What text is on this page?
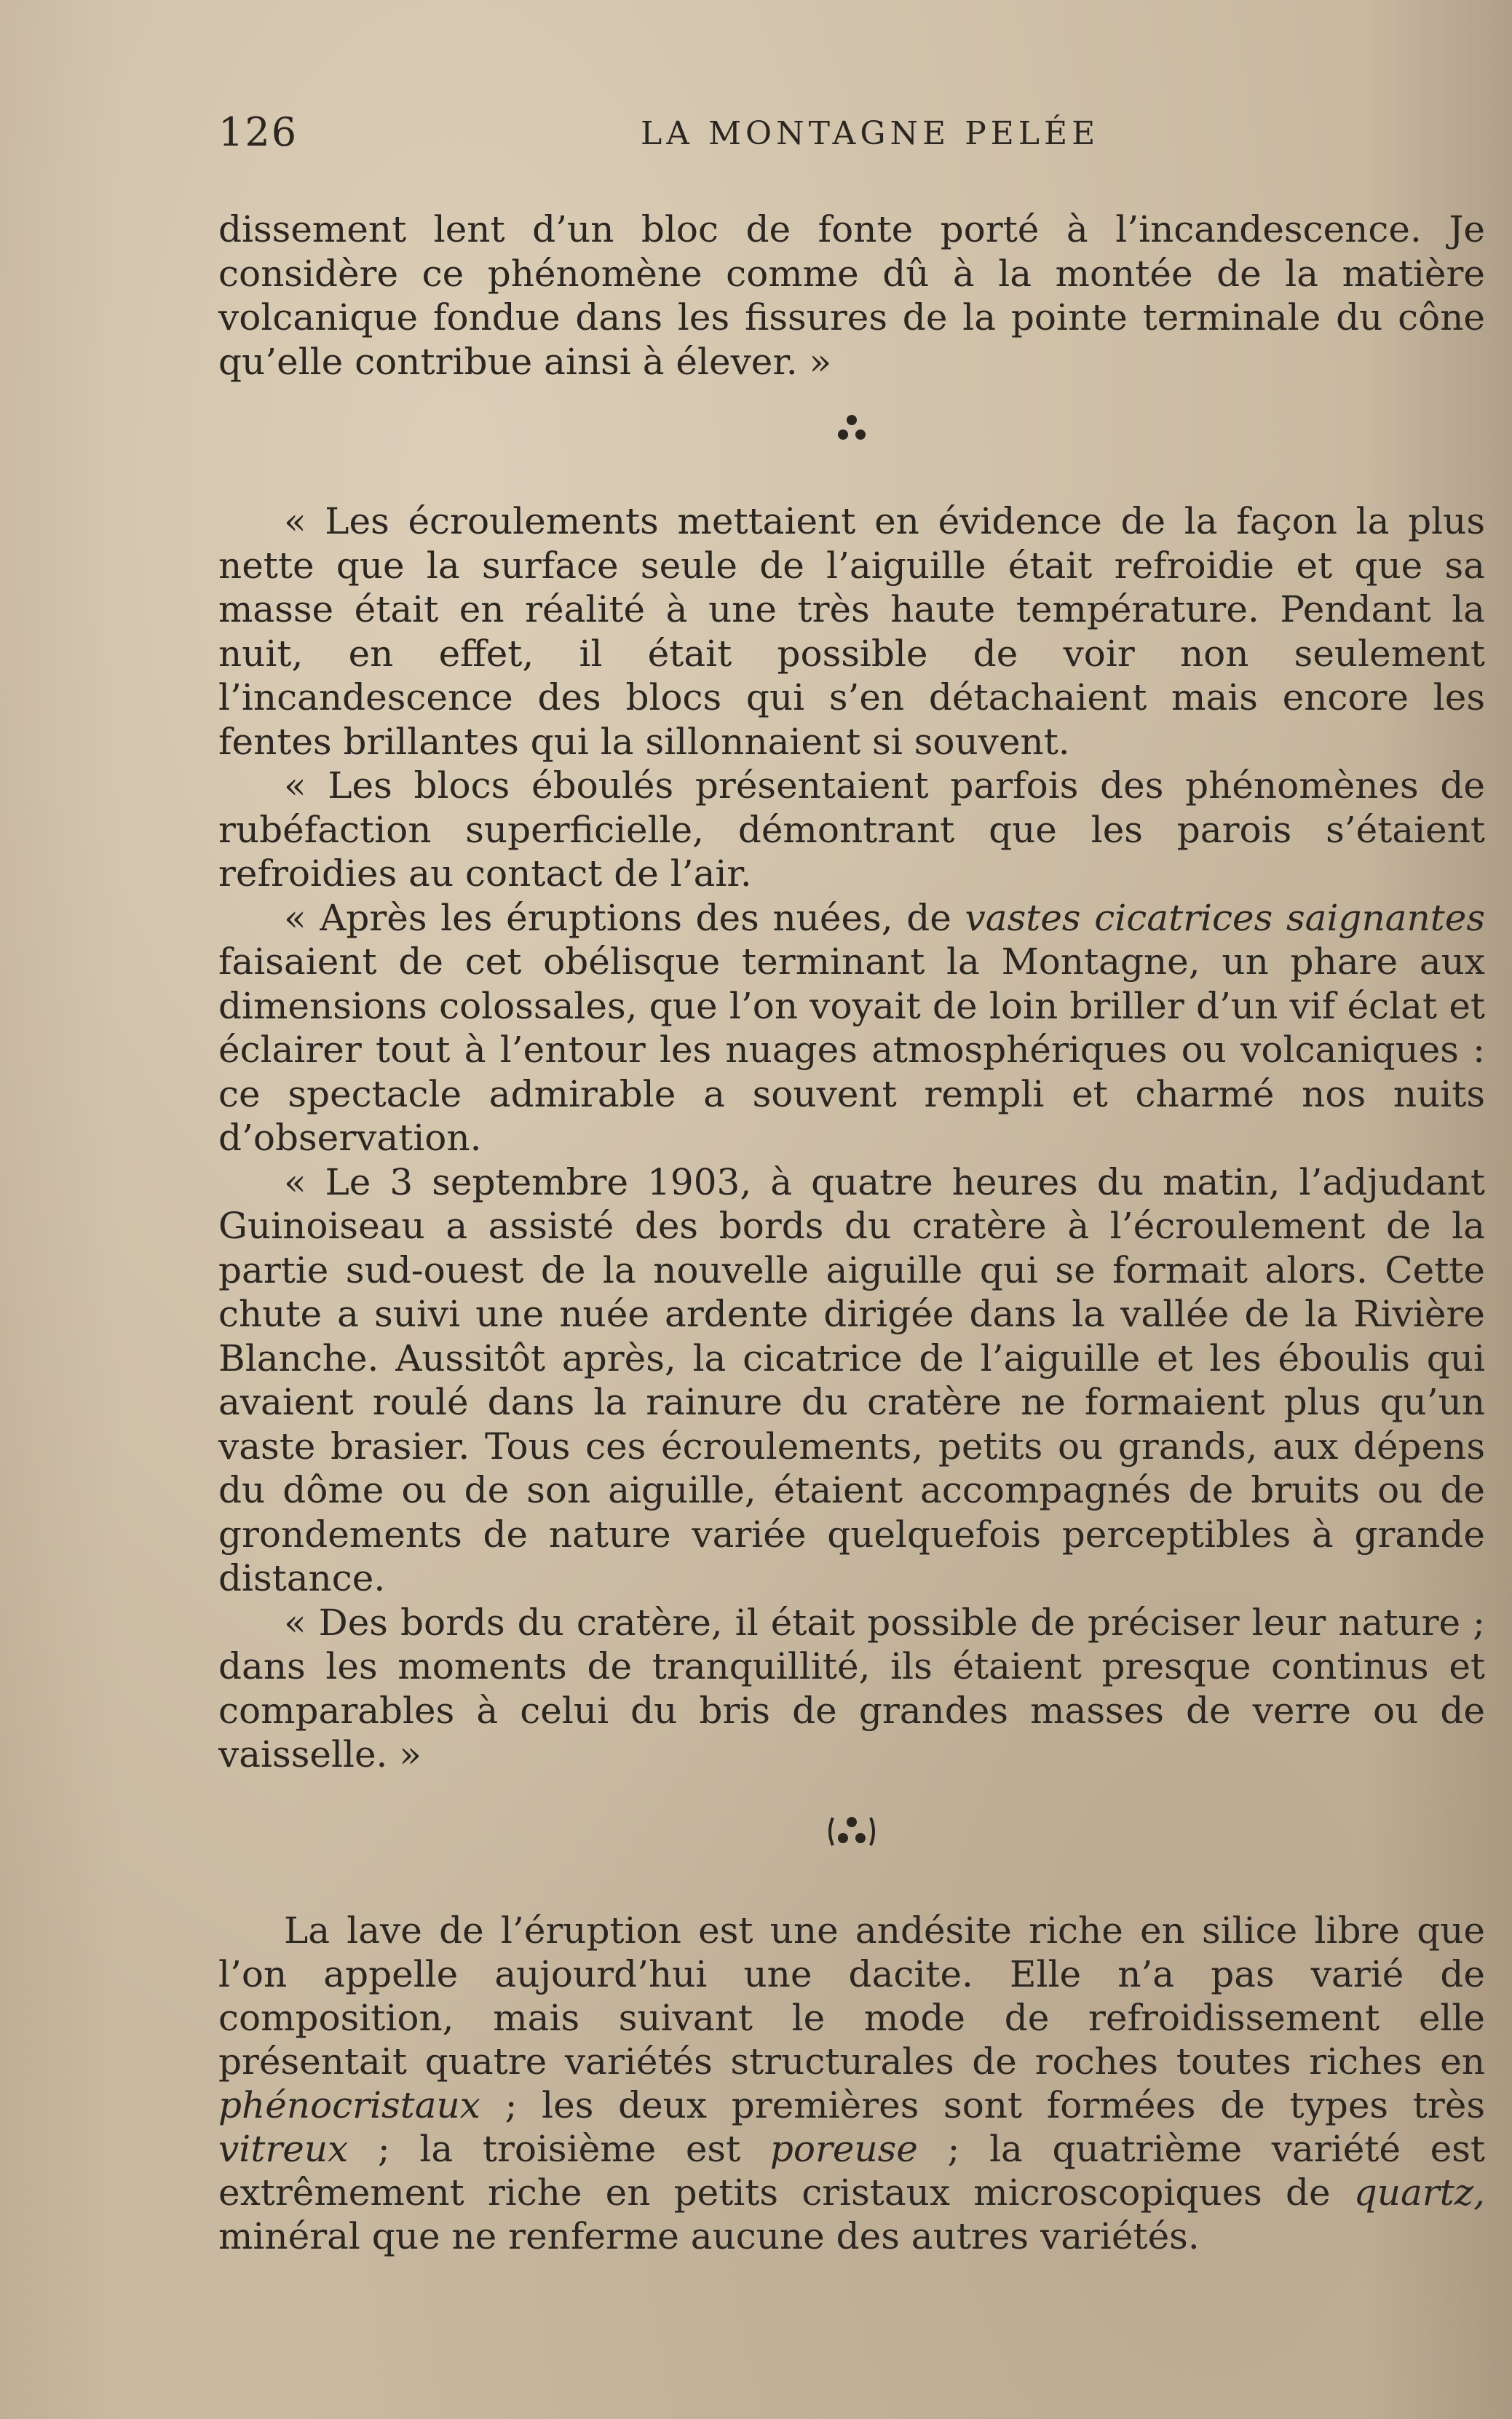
126	LA MONTAGNE PELÉE

dissement lent d’un bloc de fonte porté à l’incandescence. Je considère ce phénomène comme dû à la montée de la matière volcanique fondue dans les fissures de la pointe terminale du cône qu’elle contribue ainsi à élever. »

« Les écroulements mettaient en évidence de la façon la plus nette que la surface seule de l’aiguille était refroidie et que sa masse était en réalité à une très haute température. Pendant la nuit, en effet, il était possible de voir non seulement l’incandescence des blocs qui s’en détachaient mais encore les fentes brillantes qui la sillonnaient si souvent.

« Les blocs éboulés présentaient parfois des phénomènes de rubéfaction superficielle, démontrant que les parois s’étaient refroidies au contact de l’air.

« Après les éruptions des nuées, de vastes cicatrices saignantes faisaient de cet obélisque terminant la Montagne, un phare aux dimensions colossales, que l’on voyait de loin briller d’un vif éclat et éclairer tout à l’entour les nuages atmosphériques ou volcaniques : ce spectacle admirable a souvent rempli et charmé nos nuits d’observation.

« Le 3 septembre 1903, à quatre heures du matin, l’adjudant Guinoiseau a assisté des bords du cratère à l’écroulement de la partie sud-ouest de la nouvelle aiguille qui se formait alors. Cette chute a suivi une nuée ardente dirigée dans la vallée de la Rivière Blanche. Aussitôt après, la cicatrice de l’aiguille et les éboulis qui avaient roulé dans la rainure du cratère ne formaient plus qu’un vaste brasier. Tous ces écroulements, petits ou grands, aux dépens du dôme ou de son aiguille, étaient accompagnés de bruits ou de grondements de nature variée quelquefois perceptibles à grande distance.

« Des bords du cratère, il était possible de préciser leur nature ; dans les moments de tranquillité, ils étaient presque continus et comparables à celui du bris de grandes masses de verre ou de vaisselle. »

La lave de l’éruption est une andésite riche en silice libre que l’on appelle aujourd’hui une dacite. Elle n’a pas varié de composition, mais suivant le mode de refroidissement elle présentait quatre variétés structurales de roches toutes riches en phénocristaux ; les deux premières sont formées de types très vitreux ; la troisième est poreuse ; la quatrième variété est extrêmement riche en petits cristaux microscopiques de quartz, minéral que ne renferme aucune des autres variétés.
